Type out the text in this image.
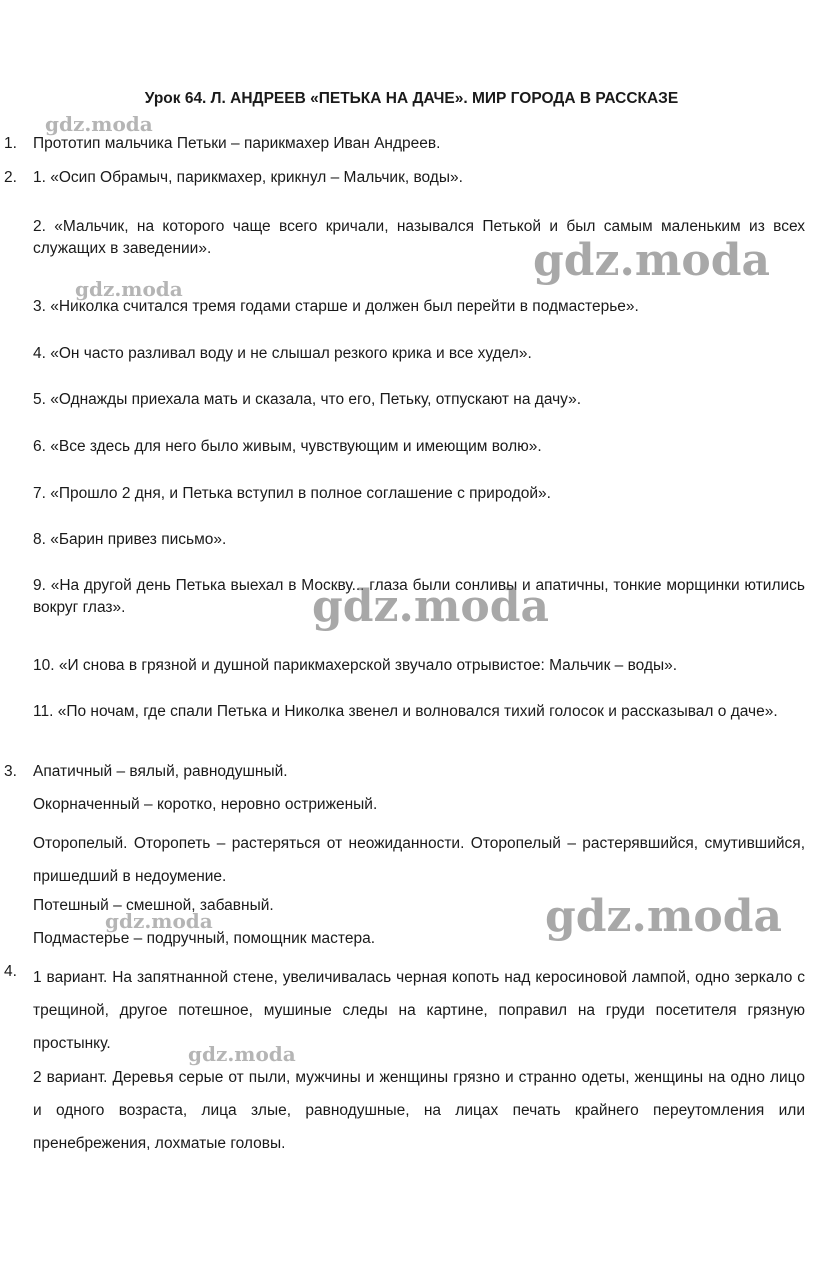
Урок 64. Л. АНДРЕЕВ «ПЕТЬКА НА ДАЧЕ». МИР ГОРОДА В РАССКАЗЕ
1. Прототип мальчика Петьки – парикмахер Иван Андреев.
2. 1. «Осип Обрамыч, парикмахер, крикнул – Мальчик, воды».
2. «Мальчик, на которого чаще всего кричали, назывался Петькой и был самым маленьким из всех служащих в заведении».
3. «Николка считался тремя годами старше и должен был перейти в подмастерье».
4. «Он часто разливал воду и не слышал резкого крика и все худел».
5. «Однажды приехала мать и сказала, что его, Петьку, отпускают на дачу».
6. «Все здесь для него было живым, чувствующим и имеющим волю».
7. «Прошло 2 дня, и Петька вступил в полное соглашение с природой».
8. «Барин привез письмо».
9. «На другой день Петька выехал в Москву... глаза были сонливы и апатичны, тонкие морщинки ютились вокруг глаз».
10. «И снова в грязной и душной парикмахерской звучало отрывистое: Мальчик – воды».
11. «По ночам, где спали Петька и Николка звенел и волновался тихий голосок и рассказывал о даче».
3. Апатичный – вялый, равнодушный.
Окорначенный – коротко, неровно остриженый.
Оторопелый. Оторопеть – растеряться от неожиданности. Оторопелый – растерявшийся, смутившийся, пришедший в недоумение.
Потешный – смешной, забавный.
Подмастерье – подручный, помощник мастера.
4. 1 вариант. На запятнанной стене, увеличивалась черная копоть над керосиновой лампой, одно зеркало с трещиной, другое потешное, мушиные следы на картине, поправил на груди посетителя грязную простынку.
2 вариант. Деревья серые от пыли, мужчины и женщины грязно и странно одеты, женщины на одно лицо и одного возраста, лица злые, равнодушные, на лицах печать крайнего переутомления или пренебрежения, лохматые головы.
gdz.moda
gdz.moda
gdz.moda
gdz.moda
gdz.moda	gdz.moda
gdz.moda
